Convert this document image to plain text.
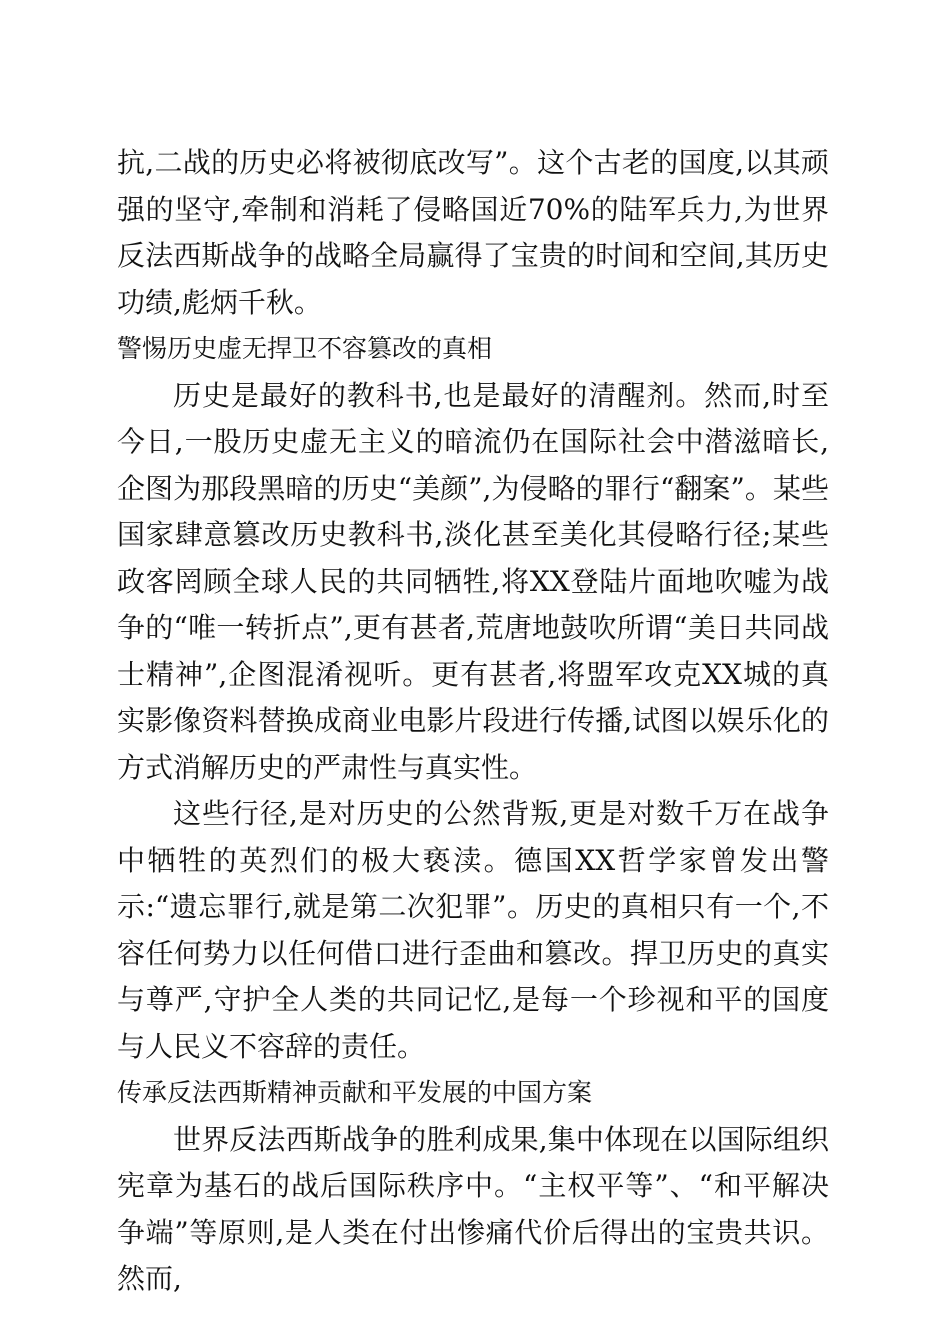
抗,二战的历史必将被彻底改写”。这个古老的国度,以其顽强的坚守,牵制和消耗了侵略国近70%的陆军兵力,为世界反法西斯战争的战略全局赢得了宝贵的时间和空间,其历史功绩,彪炳千秋。

警惕历史虚无捍卫不容篡改的真相

历史是最好的教科书,也是最好的清醒剂。然而,时至今日,一股历史虚无主义的暗流仍在国际社会中潜滋暗长,企图为那段黑暗的历史“美颜”,为侵略的罪行“翻案”。某些国家肆意篡改历史教科书,淡化甚至美化其侵略行径;某些政客罔顾全球人民的共同牺牲,将XX登陆片面地吹嘘为战争的“唯一转折点”,更有甚者,荒唐地鼓吹所谓“美日共同战士精神”,企图混淆视听。更有甚者,将盟军攻克XX城的真实影像资料替换成商业电影片段进行传播,试图以娱乐化的方式消解历史的严肃性与真实性。

这些行径,是对历史的公然背叛,更是对数千万在战争中牺牲的英烈们的极大亵渎。德国XX哲学家曾发出警示:“遗忘罪行,就是第二次犯罪”。历史的真相只有一个,不容任何势力以任何借口进行歪曲和篡改。捍卫历史的真实与尊严,守护全人类的共同记忆,是每一个珍视和平的国度与人民义不容辞的责任。

传承反法西斯精神贡献和平发展的中国方案

世界反法西斯战争的胜利成果,集中体现在以国际组织宪章为基石的战后国际秩序中。“主权平等”、“和平解决争端”等原则,是人类在付出惨痛代价后得出的宝贵共识。然而,
